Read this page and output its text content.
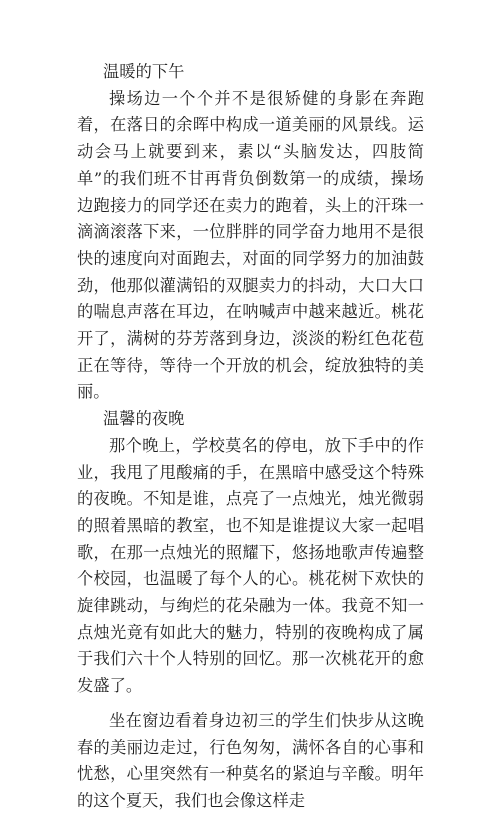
温暖的下午

操场边一个个并不是很矫健的身影在奔跑着，在落日的余晖中构成一道美丽的风景线。运动会马上就要到来，素以“头脑发达，四肢简单”的我们班不甘再背负倒数第一的成绩，操场边跑接力的同学还在卖力的跑着，头上的汗珠一滴滴滚落下来，一位胖胖的同学奋力地用不是很快的速度向对面跑去，对面的同学努力的加油鼓劲，他那似灌满铅的双腿卖力的抖动，大口大口的喘息声落在耳边，在呐喊声中越来越近。桃花开了，满树的芬芳落到身边，淡淡的粉红色花苞正在等待，等待一个开放的机会，绽放独特的美丽。

温馨的夜晚

那个晚上，学校莫名的停电，放下手中的作业，我甩了甩酸痛的手，在黑暗中感受这个特殊的夜晚。不知是谁，点亮了一点烛光，烛光微弱的照着黑暗的教室，也不知是谁提议大家一起唱歌，在那一点烛光的照耀下，悠扬地歌声传遍整个校园，也温暖了每个人的心。桃花树下欢快的旋律跳动，与绚烂的花朵融为一体。我竟不知一点烛光竟有如此大的魅力，特别的夜晚构成了属于我们六十个人特别的回忆。那一次桃花开的愈发盛了。

坐在窗边看着身边初三的学生们快步从这晚春的美丽边走过，行色匆匆，满怀各自的心事和忧愁，心里突然有一种莫名的紧迫与辛酸。明年的这个夏天，我们也会像这样走
